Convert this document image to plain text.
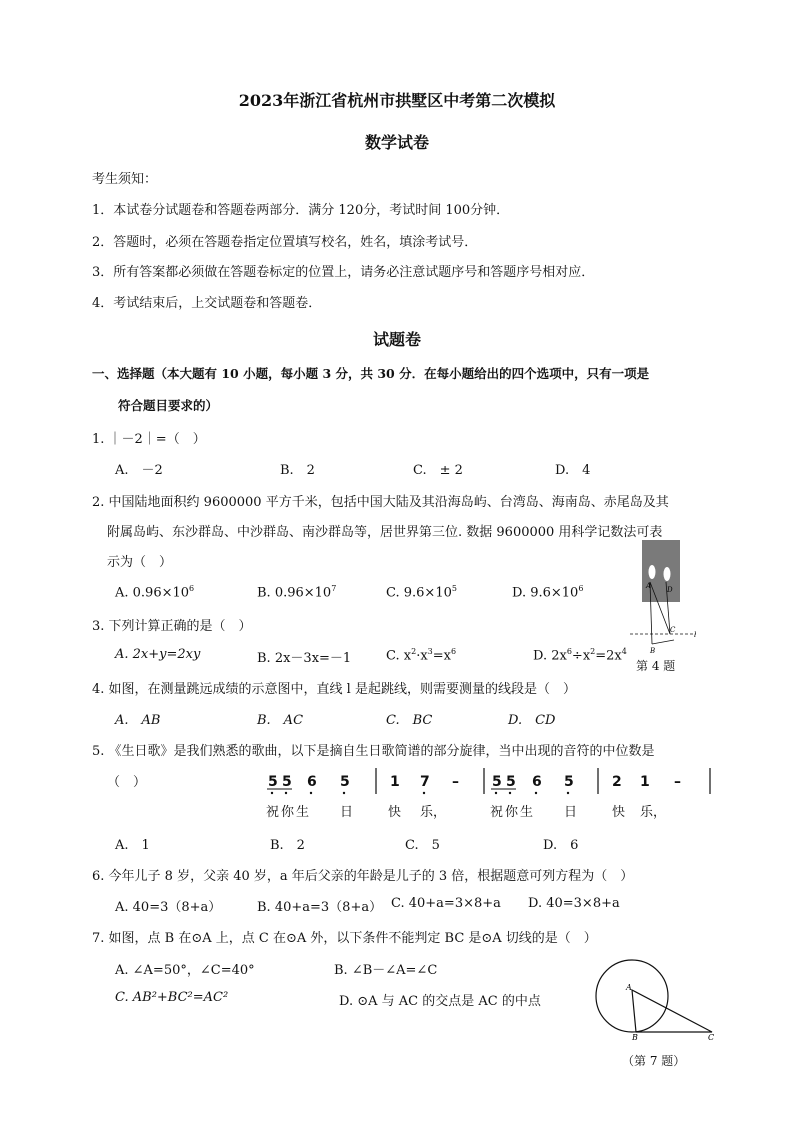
2023年浙江省杭州市拱墅区中考第二次模拟
数学试卷
考生须知：
1．本试卷分试题卷和答题卷两部分．满分 120分，考试时间 100分钟．
2．答题时，必须在答题卷指定位置填写校名，姓名，填涂考试号．
3．所有答案都必须做在答题卷标定的位置上，请务必注意试题序号和答题序号相对应．
4．考试结束后，上交试题卷和答题卷．
试题卷
一、选择题（本大题有 10 小题，每小题 3 分，共 30 分．在每小题给出的四个选项中，只有一项是
符合题目要求的）
1. ｜－2｜=（　）
A.　－2	B.　2	C.　± 2	D.　4
2. 中国陆地面积约 9600000 平方千米，包括中国大陆及其沿海岛屿、台湾岛、海南岛、赤尾岛及其
附属岛屿、东沙群岛、中沙群岛、南沙群岛等，居世界第三位. 数据 9600000 用科学记数法可表
示为（　）
A. $0.96\times 10^6$	B. $0.96\times 10^7$	C. $9.6\times 10^5$	D. $9.6\times 10^6$
3. 下列计算正确的是（　）
A. 2x+y=2xy	B. 2x－3x=－1	C. $x^2\cdot x^3=x^6$	D. $2x^6\div x^2=2x^4$
A D
C
B
l
第 4 题
4. 如图，在测量跳远成绩的示意图中，直线 l 是起跳线，则需要测量的线段是（　）
A.　AB	B.　AC	C.　BC	D.　CD
5. 《生日歌》是我们熟悉的歌曲，以下是摘自生日歌简谱的部分旋律，当中出现的音符的中位数是
（　）	5 5 6 5	1 7 – 5 5 6 5	2 1 –
祝你生 日	快 乐，	祝你生 日	快 乐，
A.　1	B.　2	C.　5	D.　6
6. 今年儿子 8 岁，父亲 40 岁，a 年后父亲的年龄是儿子的 3 倍，根据题意可列方程为（　）
A. 40=3（8+a）	B. 40+a=3（8+a） C. 40+a=3×8+a D. 40=3×8+a
7. 如图，点 B 在⊙A 上，点 C 在⊙A 外，以下条件不能判定 BC 是⊙A 切线的是（　）
A. ∠A=50°，∠C=40°	B. ∠B－∠A=∠C
C. AB²+BC²=AC²	D. ⊙A 与 AC 的交点是 AC 的中点
A
B	C
（第 7 题）
